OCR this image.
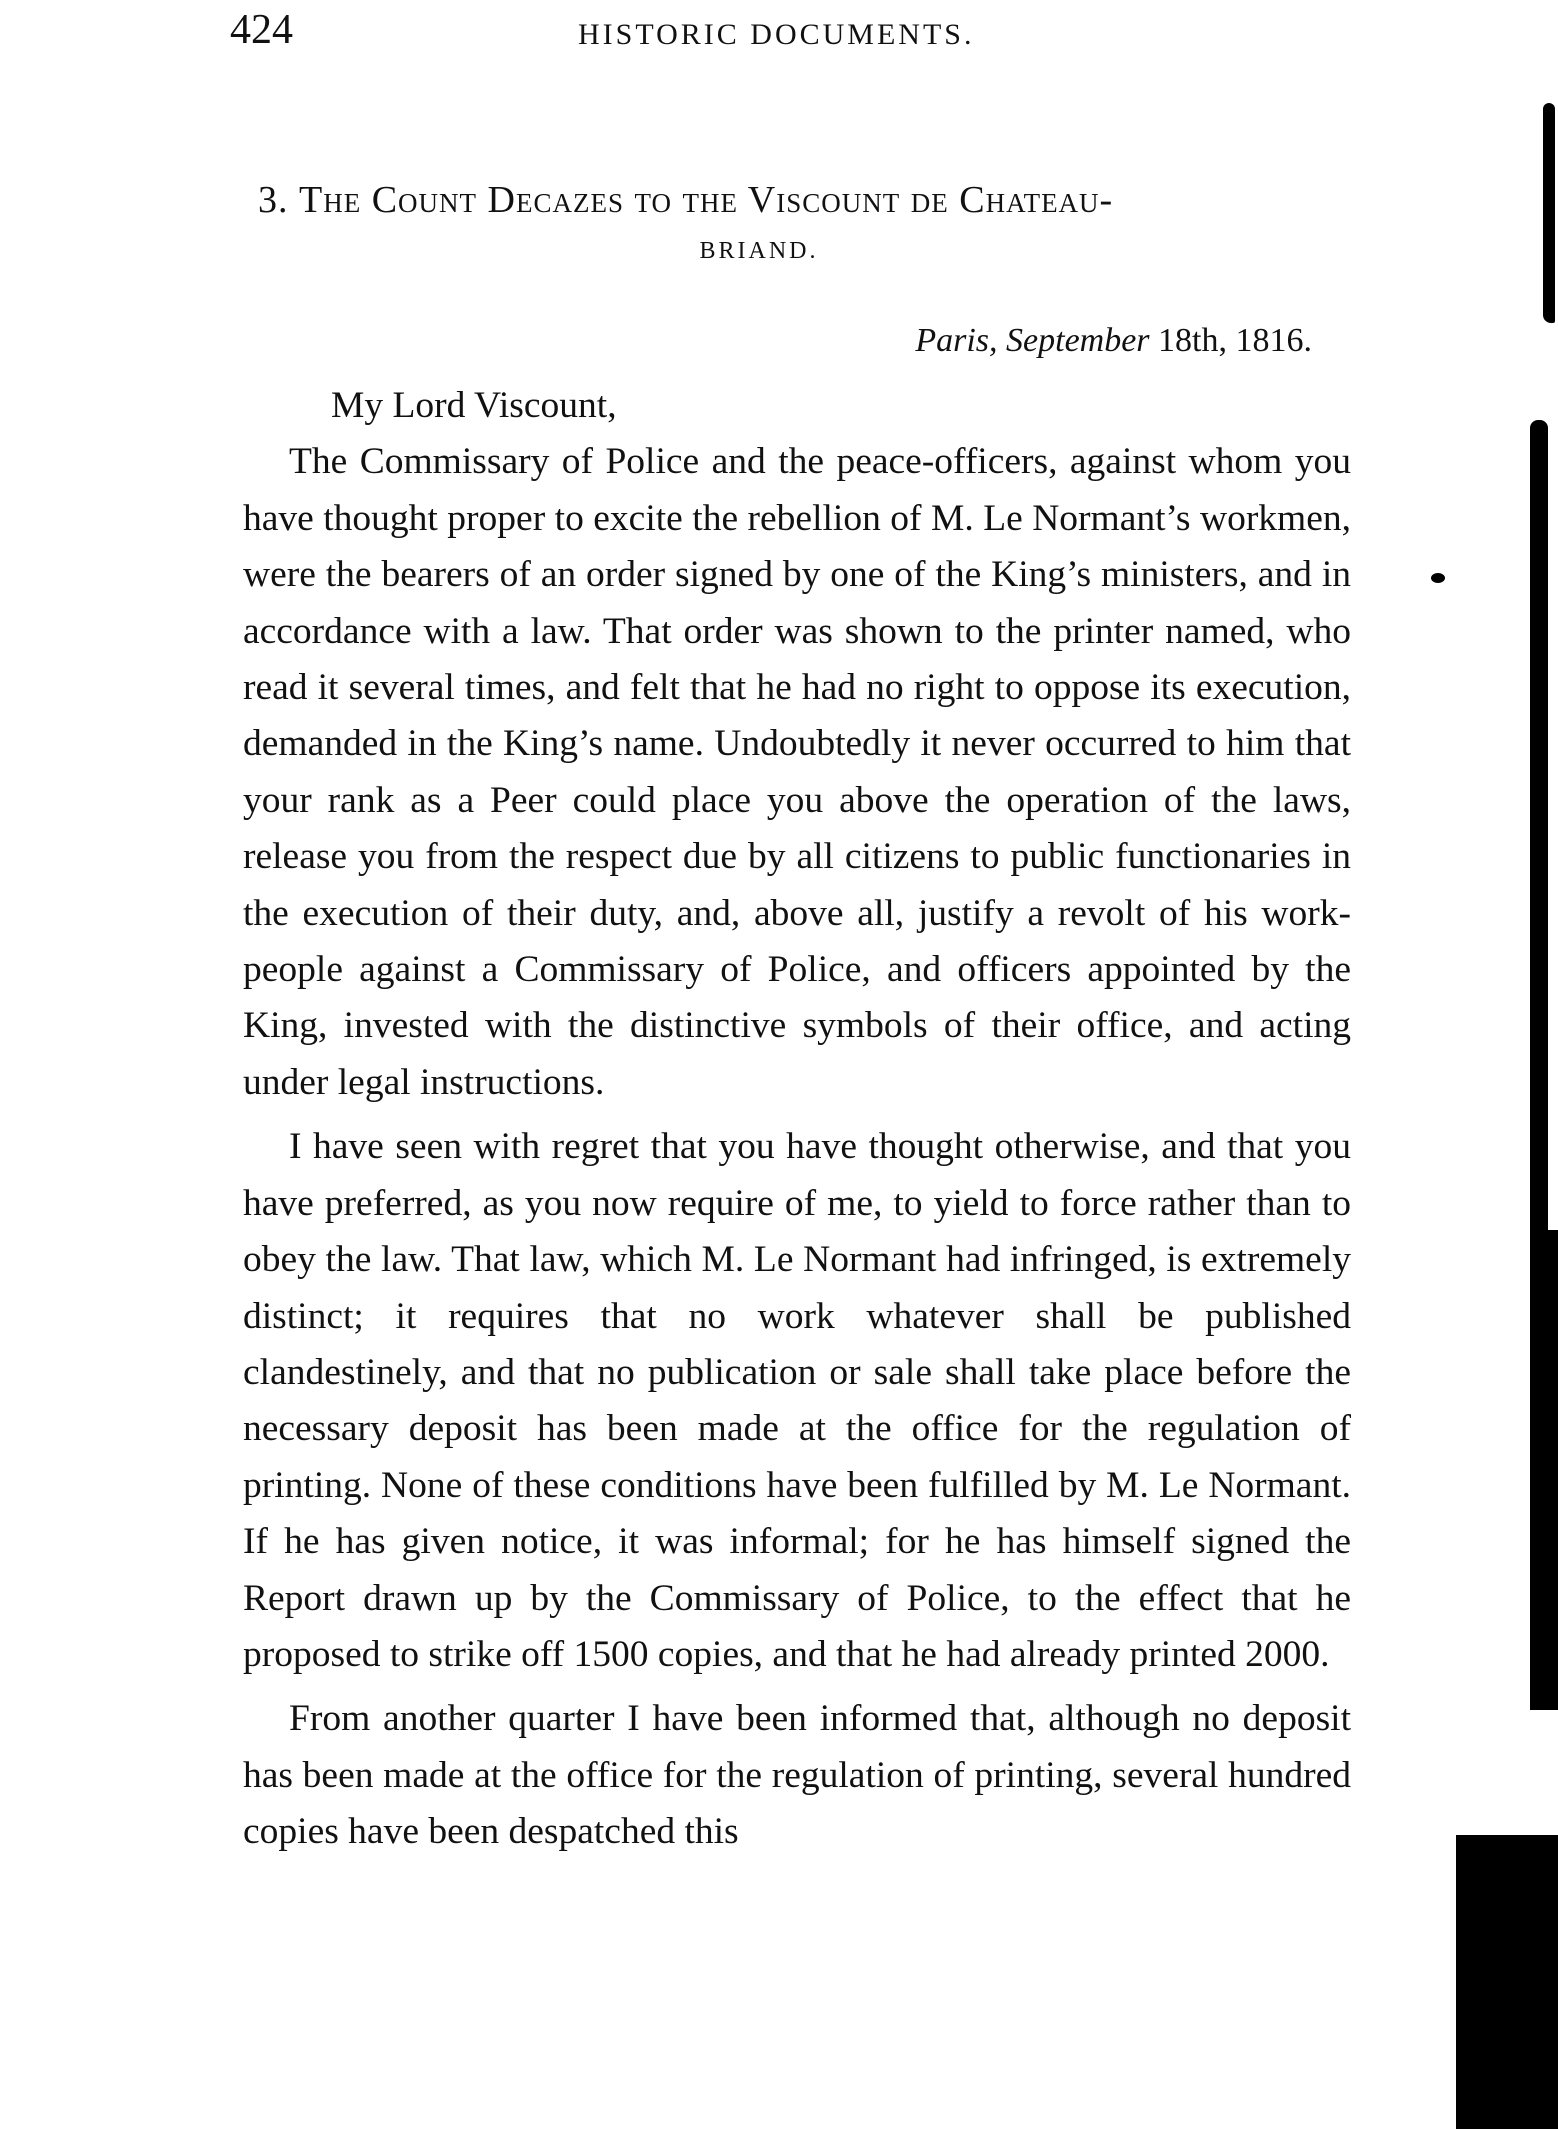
424	HISTORIC DOCUMENTS.
3. The Count Decazes to the Viscount de Chateau-
BRIAND.
Paris, September 18th, 1816.

My Lord Viscount,

The Commissary of Police and the peace-officers, against whom you have thought proper to excite the rebellion of M. Le Normant’s workmen, were the bearers of an order signed by one of the King’s ministers, and in accordance with a law. That order was shown to the printer named, who read it several times, and felt that he had no right to oppose its execution, demanded in the King’s name. Undoubtedly it never occurred to him that your rank as a Peer could place you above the operation of the laws, release you from the respect due by all citizens to public functionaries in the execution of their duty, and, above all, justify a revolt of his work-people against a Commissary of Police, and officers appointed by the King, invested with the distinctive symbols of their office, and acting under legal instructions.

I have seen with regret that you have thought otherwise, and that you have preferred, as you now require of me, to yield to force rather than to obey the law. That law, which M. Le Normant had infringed, is extremely distinct; it requires that no work whatever shall be published clandestinely, and that no publication or sale shall take place before the necessary deposit has been made at the office for the regulation of printing. None of these conditions have been fulfilled by M. Le Normant. If he has given notice, it was informal; for he has himself signed the Report drawn up by the Commissary of Police, to the effect that he proposed to strike off 1500 copies, and that he had already printed 2000.

From another quarter I have been informed that, although no deposit has been made at the office for the regulation of printing, several hundred copies have been despatched this
